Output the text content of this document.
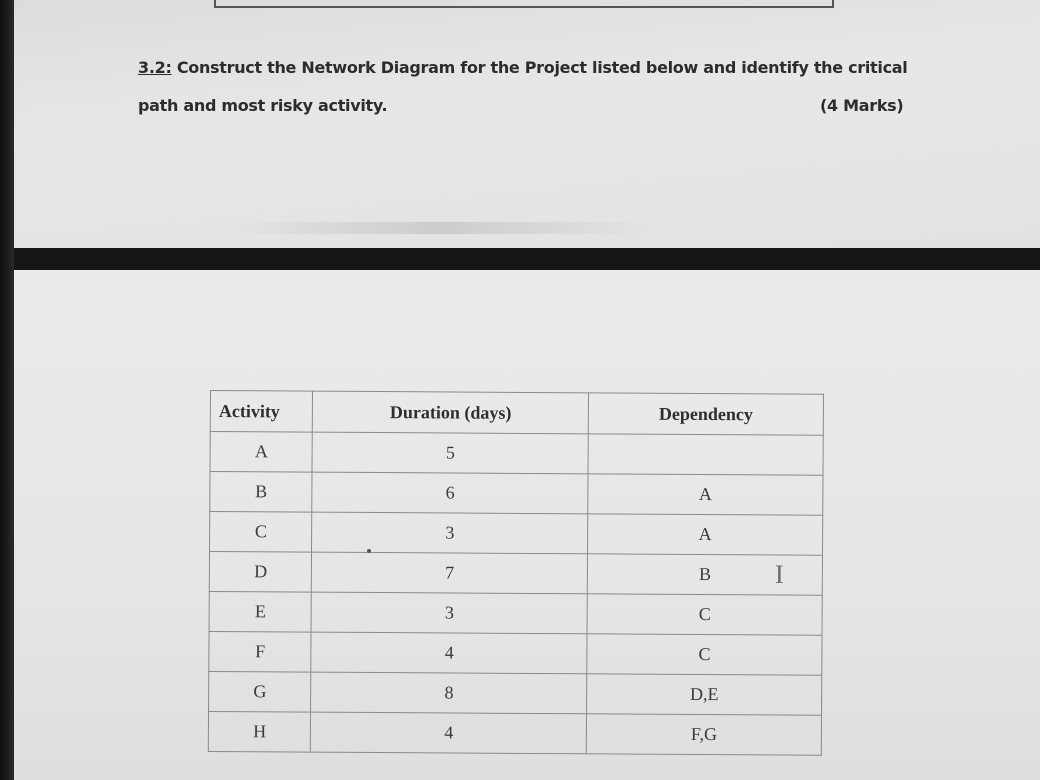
3.2: Construct the Network Diagram for the Project listed below and identify the critical
path and most risky activity.	(4 Marks)
Activity	Duration (days)	Dependency
A	5	
B	6	A
C	3	A
D	7	B
E	3	C
F	4	C
G	8	D,E
H	4	F,G
I
